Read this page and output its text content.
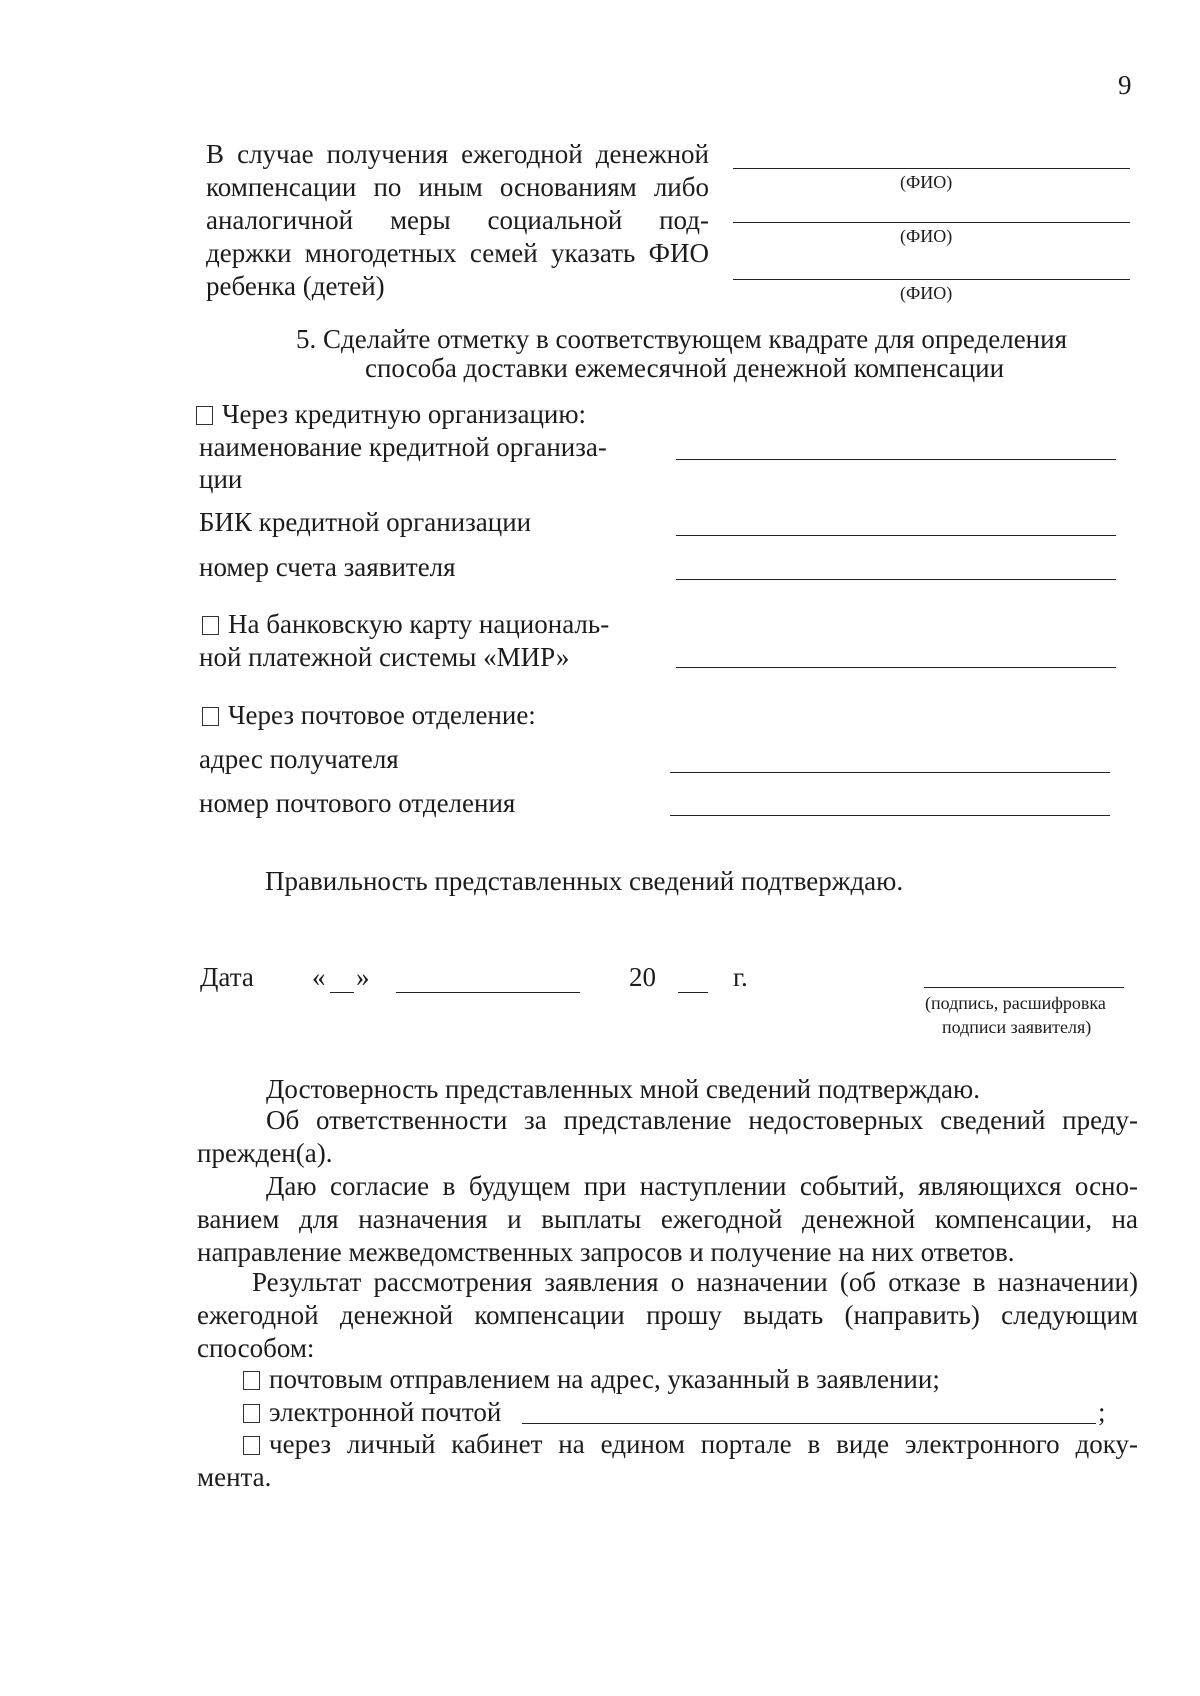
9
В случае получения ежегодной денежной
компенсации по иным основаниям либо
аналогичной меры социальной под-
держки многодетных семей указать ФИО
ребенка (детей)
(ФИО)
(ФИО)
(ФИО)
5. Сделайте отметку в соответствующем квадрате для определения
способа доставки ежемесячной денежной компенсации
Через кредитную организацию:
наименование кредитной организа-
ции
БИК кредитной организации
номер счета заявителя
На банковскую карту националь-
ной платежной системы «МИР»
Через почтовое отделение:
адрес получателя
номер почтового отделения
Правильность представленных сведений подтверждаю.
Дата « »	20	г.
(подпись, расшифровка
подписи заявителя)
Достоверность представленных мной сведений подтверждаю.
Об ответственности за представление недостоверных сведений преду-
прежден(а).
Даю согласие в будущем при наступлении событий, являющихся осно-
ванием для назначения и выплаты ежегодной денежной компенсации, на
направление межведомственных запросов и получение на них ответов.
Результат рассмотрения заявления о назначении (об отказе в назначении)
ежегодной денежной компенсации прошу выдать (направить) следующим
способом:
почтовым отправлением на адрес, указанный в заявлении;
электронной почтой	;
через личный кабинет на едином портале в виде электронного доку-
мента.
